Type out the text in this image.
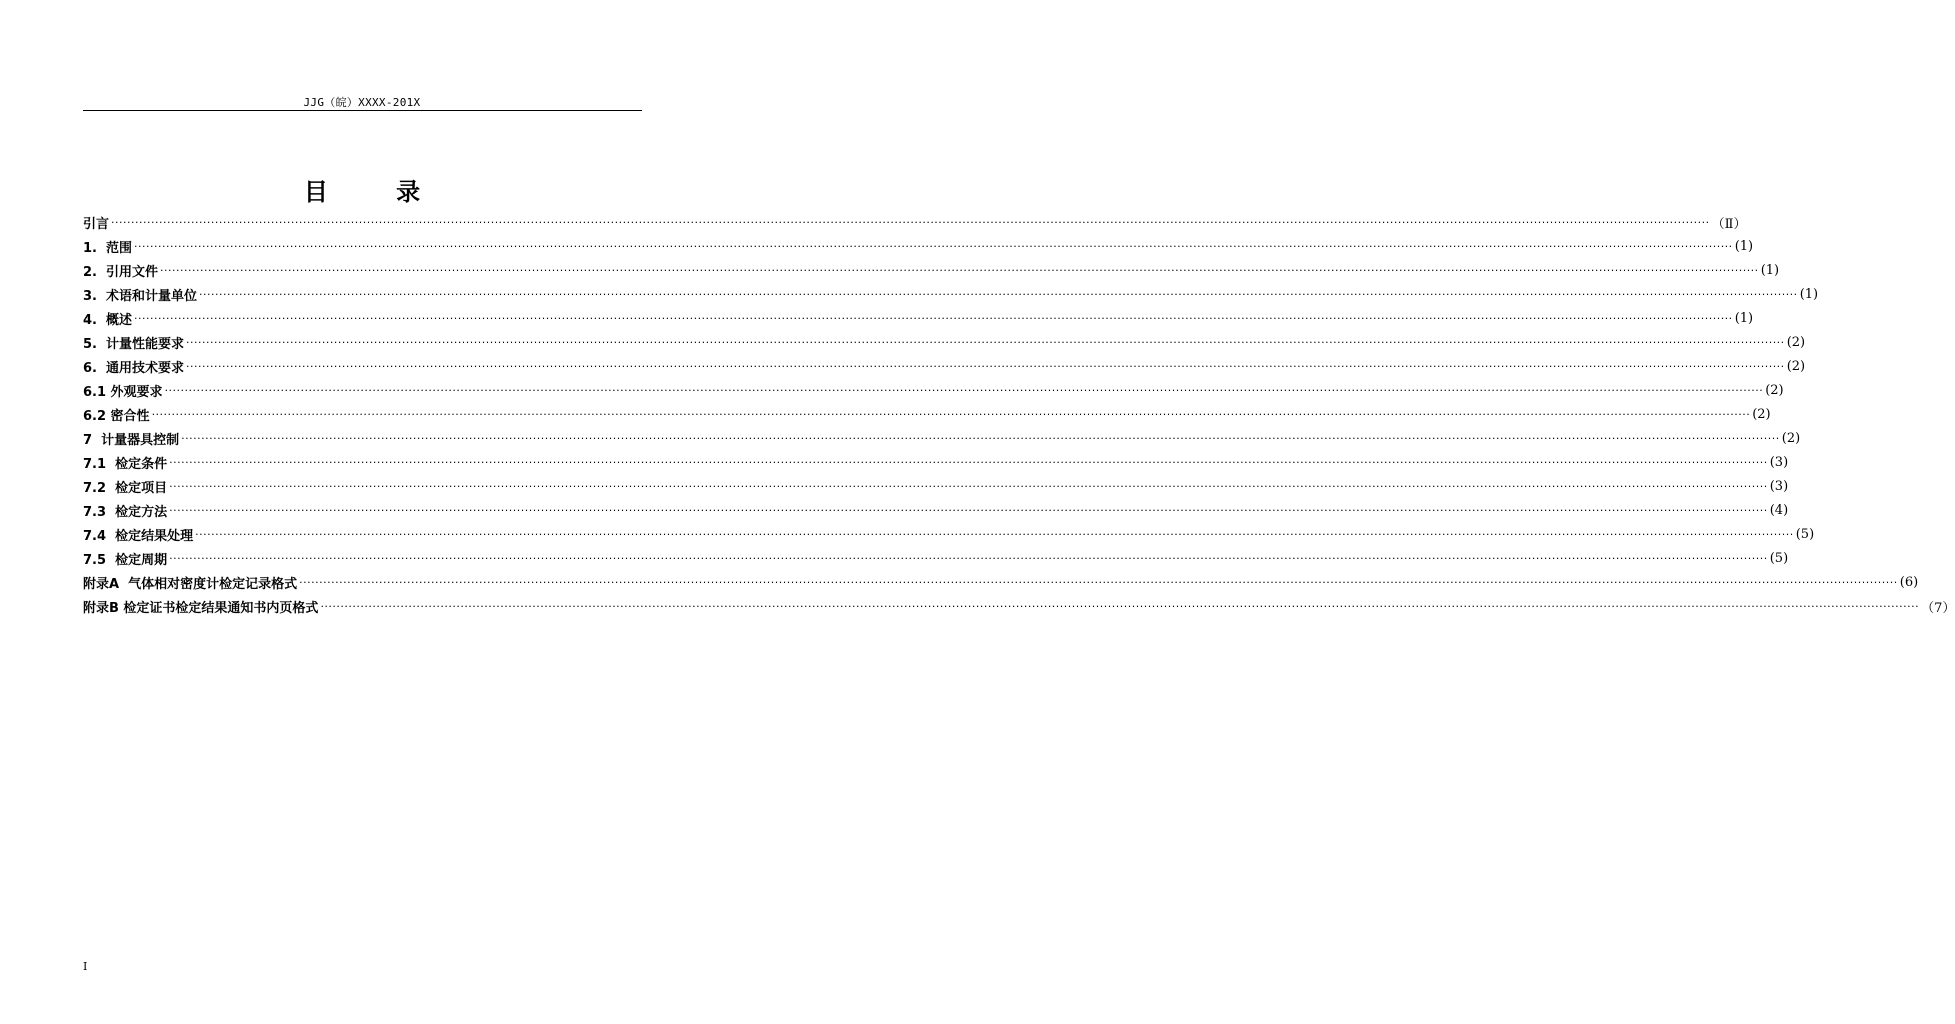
JJG（皖）XXXX-201X
目 录
引言 ················································································································································································································································································································································································································ （Ⅱ）
1.  范围 ················································································································································································································································································································································································································ (1)
2.  引用文件 ················································································································································································································································································································································································································ (1)
3.  术语和计量单位 ················································································································································································································································································································································································································ (1)
4.  概述 ················································································································································································································································································································································································································ (1)
5.  计量性能要求 ················································································································································································································································································································································································································ (2)
6.  通用技术要求 ················································································································································································································································································································································································································ (2)
6.1 外观要求 ················································································································································································································································································································································································································ (2)
6.2 密合性 ················································································································································································································································································································································································································ (2)
7  计量器具控制 ················································································································································································································································································································································································································ (2)
7.1  检定条件 ················································································································································································································································································································································································································ (3)
7.2  检定项目 ················································································································································································································································································································································································································ (3)
7.3  检定方法 ················································································································································································································································································································································································································ (4)
7.4  检定结果处理 ················································································································································································································································································································································································································ (5)
7.5  检定周期 ················································································································································································································································································································································································································ (5)
附录A  气体相对密度计检定记录格式 ················································································································································································································································································································································································································ (6)
附录B 检定证书检定结果通知书内页格式 ················································································································································································································································································································································································································ （7）
I
